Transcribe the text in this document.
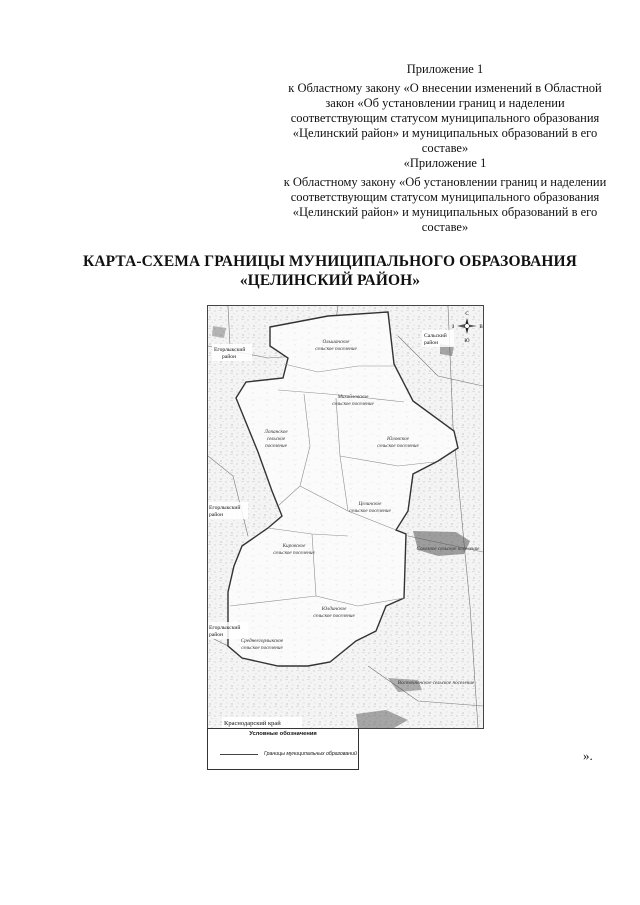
Приложение 1
к Областному закону «О внесении изменений в Областной закон «Об установлении границ и наделении соответствующим статусом муниципального образования «Целинский район» и муниципальных образований в его составе»
«Приложение 1
к Областному закону «Об установлении границ и наделении соответствующим статусом муниципального образования «Целинский район» и муниципальных образований в его составе»
КАРТА-СХЕМА ГРАНИЦЫ МУНИЦИПАЛЬНОГО ОБРАЗОВАНИЯ
«ЦЕЛИНСКИЙ РАЙОН»
С
Ю
З	В
Сальский
район
Егорлыкский
район
Егорлыкский
район
Егорлыкский
район
Краснодарский край
Ольшанское
сельское поселение
Михайловское
сельское поселение
Лопанское
сельское
поселение
Юловское
сельское поселение
Целинское
сельское поселение
Кировское
сельское поселение
Юлдинское
сельское поселение
Среднеегорлыкское
сельское поселение
Восточненское сельское поселение
Сохозное сельское поселение
Условные обозначения
Границы муниципальных образований	».
